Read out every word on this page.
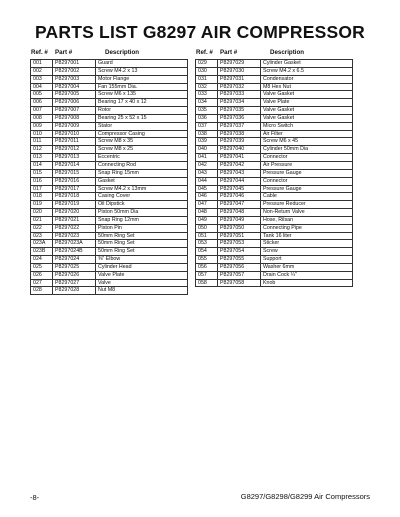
PARTS LIST G8297 AIR COMPRESSOR
Ref. #	Part #	Description
001	P8297001	Guard
002	P8297002	Screw M4.2 x 13
003	P8297003	Motor Flange
004	P8297004	Fan 155mm Dia.
005	P8297005	Screw M6 x 135
006	P8297006	Bearing 17 x 40 x 12
007	P8297007	Rotor
008	P8297008	Bearing 25 x 52 x 15
009	P8297009	Stator
010	P8297010	Compressor Casing
011	P8297011	Screw M8 x 35
012	P8297012	Screw M8 x 25
013	P8297013	Eccentric
014	P8297014	Connecting Rod
015	P8297015	Snap Ring 15mm
016	P8297016	Gasket
017	P8297017	Screw M4.2 x 13mm
018	P8297018	Casing Cover
019	P8297019	Oil Dipstick
020	P8297020	Piston 50mm Dia
021	P8297021	Snap Ring 12mm
022	P8297022	Piston Pin
023	P8297023	50mm Ring Set
023A	P8297023A	50mm Ring Set
023B	P8297024B	50mm Ring Set
024	P8297024	⅜" Elbow
025	P8297025	Cylinder Head
026	P8297026	Valve Plate
027	P8297027	Valve
028	P8297028	Nut M8
Ref. #	Part #	Description
029	P8297029	Cylinder Gasket
030	P8297030	Screw M4.2 x 6.5
031	P8297031	Condensator
032	P8297032	M8 Hex Nut
033	P8297033	Valve Gasket
034	P8297034	Valve Plate
035	P8297035	Valve Gasket
036	P8297036	Valve Gasket
037	P8297037	Micro Switch
038	P8297038	Air Filter
039	P8297039	Screw M6 x 45
040	P8297040	Cylinder 50mm Dia
041	P8297041	Connector
042	P8297042	Air Pressure
043	P8297043	Pressure Gauge
044	P8297044	Connector
045	P8297045	Pressure Gauge
046	P8297046	Cable
047	P8297047	Pressure Reducer
048	P8297048	Non-Return Valve
049	P8297049	Hose, Rilsan
050	P8297050	Connecting Pipe
051	P8297051	Tank 16 liter
053	P8297053	Sticker
054	P8297054	Screw
055	P8297055	Support
056	P8297056	Washer 6mm
057	P8297057	Drain Cock ¼"
058	P8297058	Knob
-8-	G8297/G8298/G8299 Air Compressors
